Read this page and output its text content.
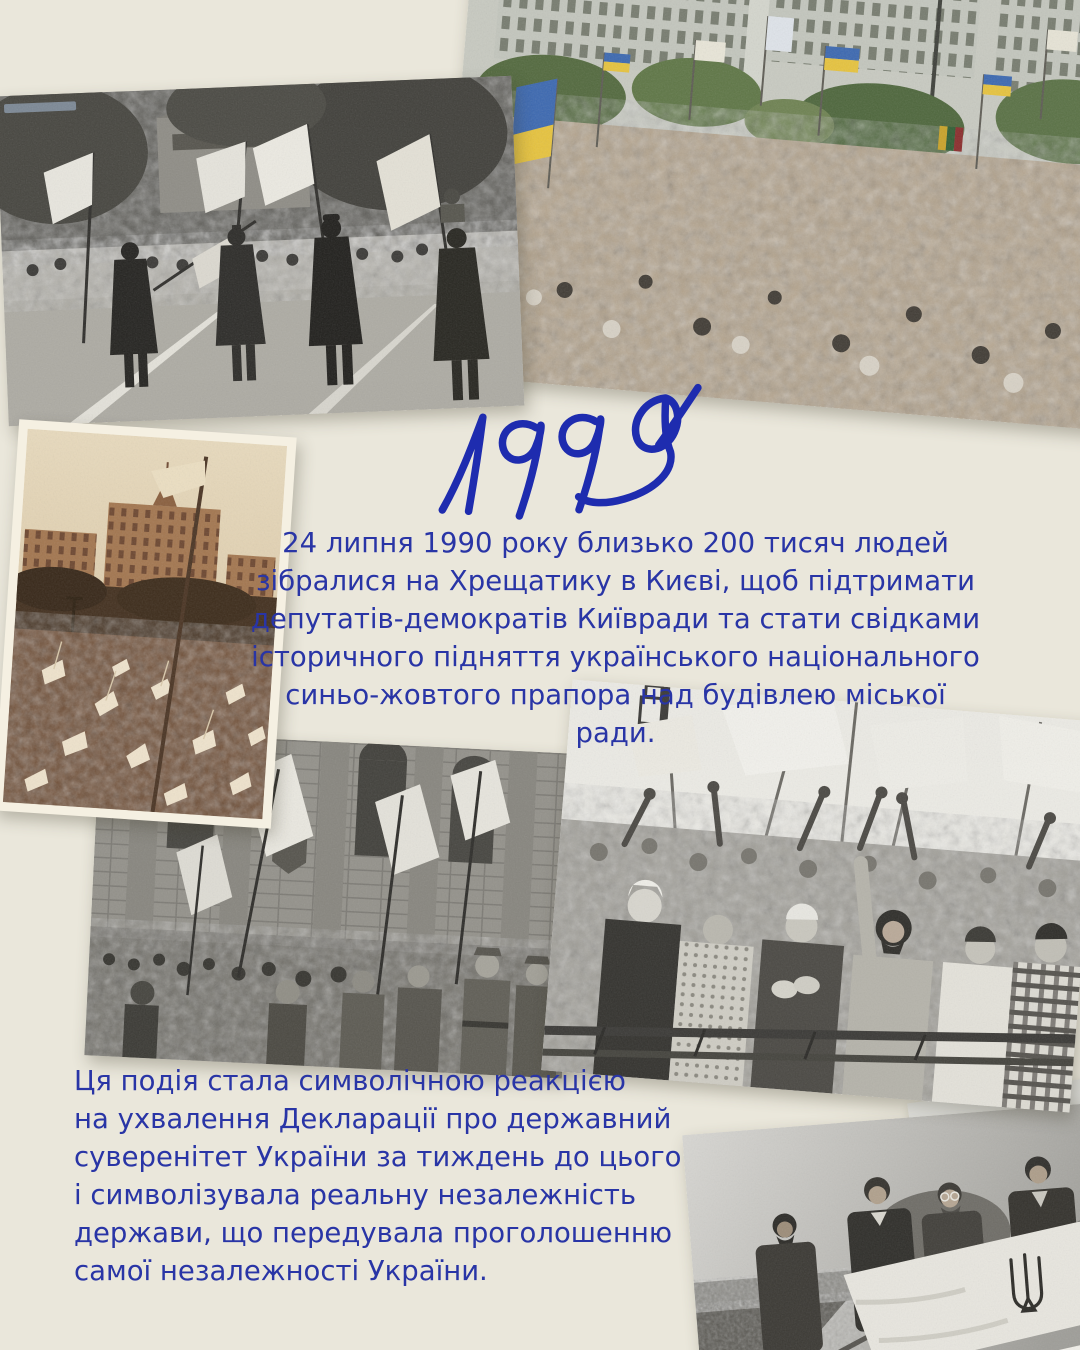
24 липня 1990 року близько 200 тисяч людей
зібралися на Хрещатику в Києві, щоб підтримати
депутатів-демократів Київради та стати свідками
історичного підняття українського національного
синьо-жовтого прапора над будівлею міської ради.
Ця подія стала символічною реакцією
на ухвалення Декларації про державний
суверенітет України за тиждень до цього
і символізувала реальну незалежність
держави, що передувала проголошенню
самої незалежності України.
